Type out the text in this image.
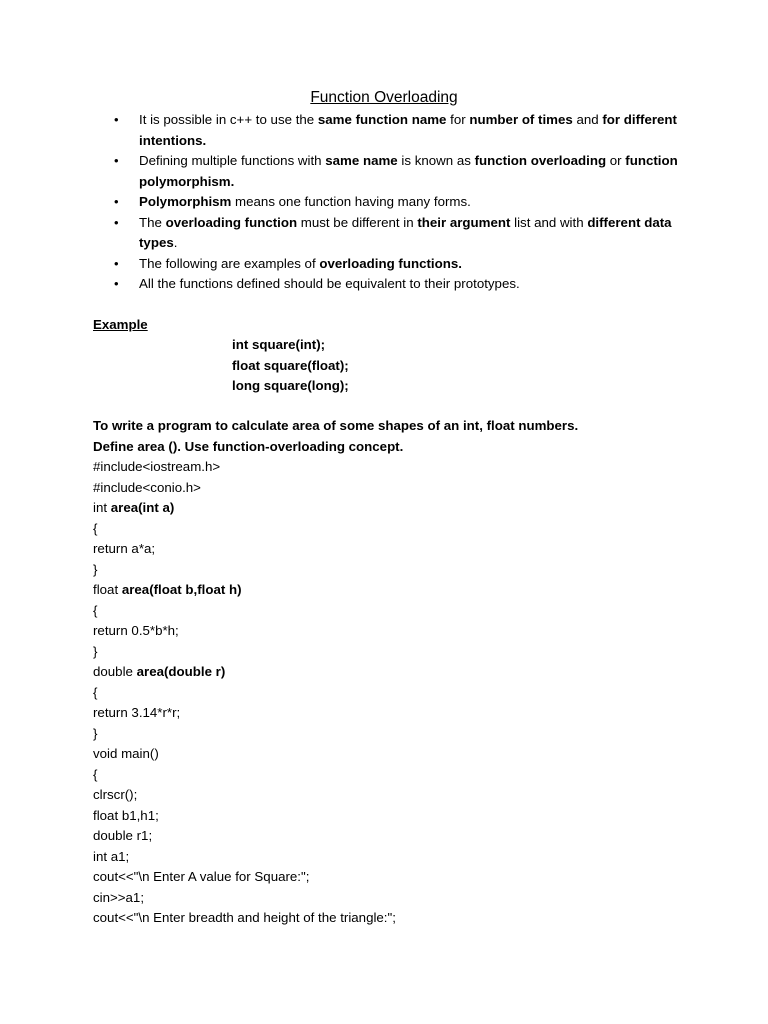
Function Overloading
• It is possible in c++ to use the same function name for number of times and for different intentions.
• Defining multiple functions with same name is known as function overloading or function polymorphism.
• Polymorphism means one function having many forms.
• The overloading function must be different in their argument list and with different data types.
• The following are examples of overloading functions.
• All the functions defined should be equivalent to their prototypes.
Example
int square(int);
float square(float);
long square(long);
To write a program to calculate area of some shapes of an int, float numbers.
Define area (). Use function-overloading concept.
#include<iostream.h>
#include<conio.h>
int area(int a)
{
return a*a;
}
float area(float b,float h)
{
return 0.5*b*h;
}
double area(double r)
{
return 3.14*r*r;
}
void main()
{
clrscr();
float b1,h1;
double r1;
int a1;
cout<<"\n Enter A value for Square:";
cin>>a1;
cout<<"\n Enter breadth and height of the triangle:";
